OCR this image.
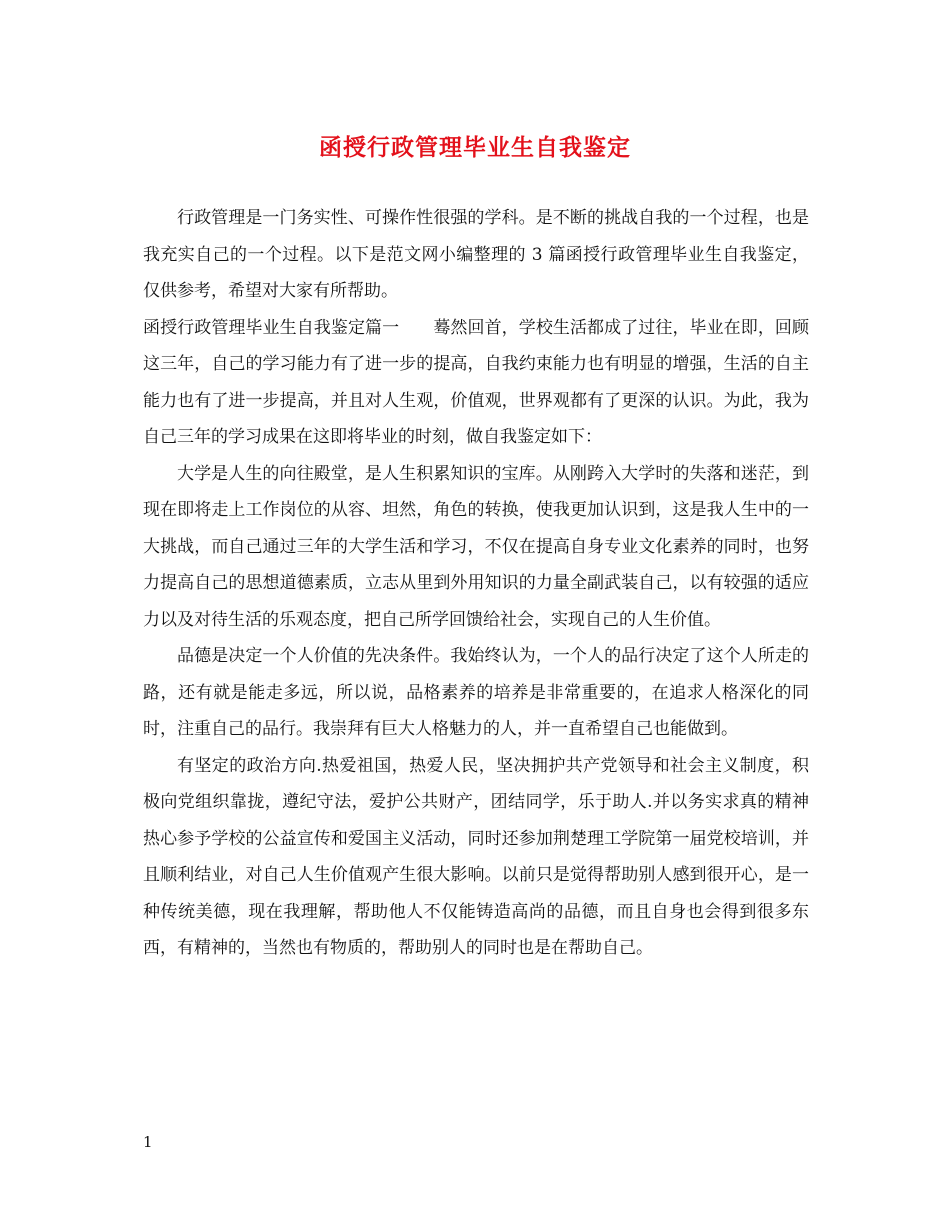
函授行政管理毕业生自我鉴定

行政管理是一门务实性、可操作性很强的学科。是不断的挑战自我的一个过程，也是我充实自己的一个过程。以下是范文网小编整理的 3 篇函授行政管理毕业生自我鉴定，仅供参考，希望对大家有所帮助。

函授行政管理毕业生自我鉴定篇一　　蓦然回首，学校生活都成了过往，毕业在即，回顾这三年，自己的学习能力有了进一步的提高，自我约束能力也有明显的增强，生活的自主能力也有了进一步提高，并且对人生观，价值观，世界观都有了更深的认识。为此，我为自己三年的学习成果在这即将毕业的时刻，做自我鉴定如下：

大学是人生的向往殿堂，是人生积累知识的宝库。从刚跨入大学时的失落和迷茫，到现在即将走上工作岗位的从容、坦然，角色的转换，使我更加认识到，这是我人生中的一大挑战，而自己通过三年的大学生活和学习，不仅在提高自身专业文化素养的同时，也努力提高自己的思想道德素质，立志从里到外用知识的力量全副武装自己，以有较强的适应力以及对待生活的乐观态度，把自己所学回馈给社会，实现自己的人生价值。

品德是决定一个人价值的先决条件。我始终认为，一个人的品行决定了这个人所走的路，还有就是能走多远，所以说，品格素养的培养是非常重要的，在追求人格深化的同时，注重自己的品行。我崇拜有巨大人格魅力的人，并一直希望自己也能做到。

有坚定的政治方向.热爱祖国，热爱人民，坚决拥护共产党领导和社会主义制度，积极向党组织靠拢，遵纪守法，爱护公共财产，团结同学，乐于助人.并以务实求真的精神热心参予学校的公益宣传和爱国主义活动，同时还参加荆楚理工学院第一届党校培训，并且顺利结业，对自己人生价值观产生很大影响。以前只是觉得帮助别人感到很开心，是一种传统美德，现在我理解，帮助他人不仅能铸造高尚的品德，而且自身也会得到很多东西，有精神的，当然也有物质的，帮助别人的同时也是在帮助自己。

1
